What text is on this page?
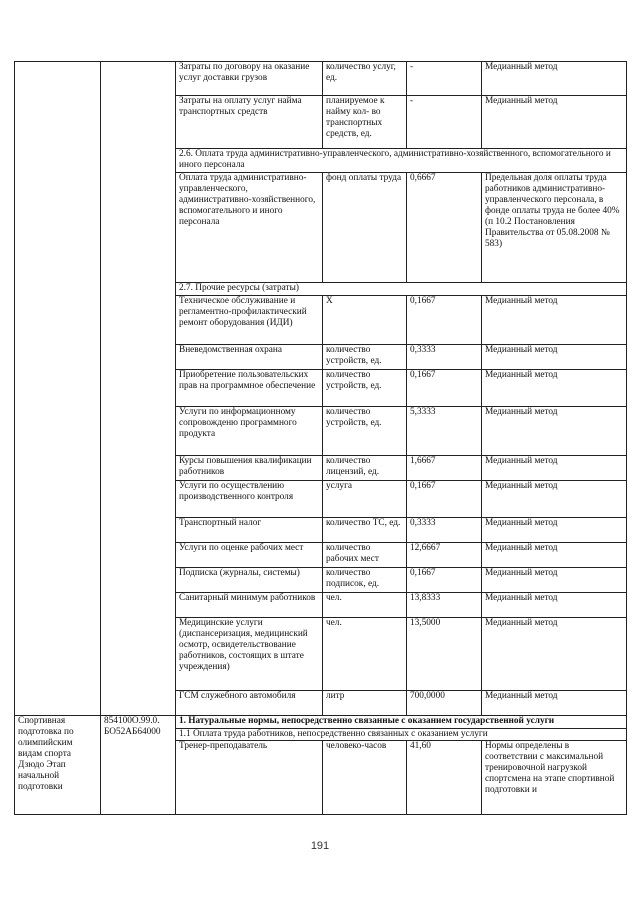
		Затраты по договору на оказание услуг доставки грузов	количество услуг, ед.	-	Медианный метод
		Затраты на оплату услуг найма транспортных средств	планируемое к найму кол- во транспортных средств, ед.	-	Медианный метод
		2.6. Оплата труда административно-управленческого, административно-хозяйственного, вспомогательного и иного персонала			
		Оплата труда административно-управленческого, административно-хозяйственного, вспомогательного и иного персонала	фонд оплаты труда	0,6667	Предельная доля оплаты труда работников административно-управленческого персонала, в фонде оплаты труда не более 40% (п 10.2 Постановления Правительства от 05.08.2008 № 583)
		2.7. Прочие ресурсы (затраты)			
		Техническое обслуживание и регламентно-профилактический ремонт оборудования (ИДИ)	X	0,1667	Медианный метод
		Вневедомственная охрана	количество устройств, ед.	0,3333	Медианный метод
		Приобретение пользовательских прав на программное обеспечение	количество устройств, ед.	0,1667	Медианный метод
		Услуги по информационному сопровожденю программного продукта	количество устройств, ед.	5,3333	Медианный метод
		Курсы повышения квалификации работников	количество лицензий, ед.	1,6667	Медианный метод
		Услуги по осуществлению производственного контроля	услуга	0,1667	Медианный метод
		Транспортный налог	количество ТС, ед.	0,3333	Медианный метод
		Услуги по оценке рабочих мест	количество рабочих мест	12,6667	Медианный метод
		Подписка (журналы, системы)	количество подписок, ед.	0,1667	Медианный метод
		Санитарный минимум работников	чел.	13,8333	Медианный метод
		Медицинские услуги (диспансеризация, медицинский осмотр, освидетельствование работников, состоящих в штате учреждения)	чел.	13,5000	Медианный метод
		ГСМ служебного автомобиля	литр	700,0000	Медианный метод
Спортивная подготовка по олимпийским видам спорта Дзюдо Этап начальной подготовки	854100О.99.0. БО52АБ64000	1. Натуральные нормы, непосредственно связанные с оказанием государственной услуги			
		1.1 Оплата труда работников, непосредственно связанных с оказанием услуги			
		Тренер-преподаватель	человеко-часов	41,60	Нормы определены в соответствии с максимальной тренировочной нагрузкой спортсмена на этапе спортивной подготовки и
191
